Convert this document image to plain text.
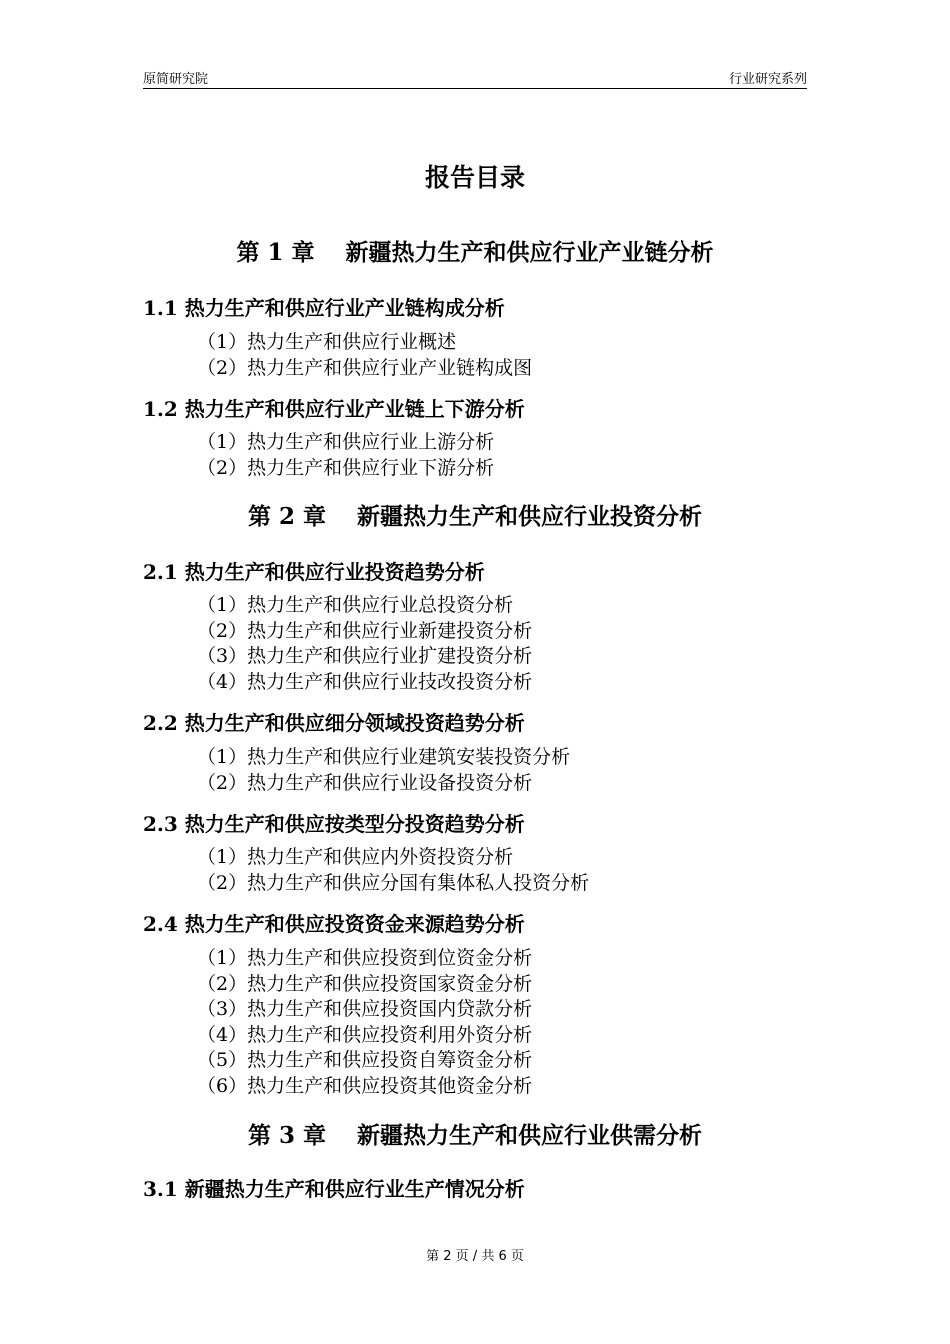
原简研究院	行业研究系列
报告目录
第 1 章　 新疆热力生产和供应行业产业链分析
1.1 热力生产和供应行业产业链构成分析
（1）热力生产和供应行业概述
（2）热力生产和供应行业产业链构成图
1.2 热力生产和供应行业产业链上下游分析
（1）热力生产和供应行业上游分析
（2）热力生产和供应行业下游分析
第 2 章　 新疆热力生产和供应行业投资分析
2.1 热力生产和供应行业投资趋势分析
（1）热力生产和供应行业总投资分析
（2）热力生产和供应行业新建投资分析
（3）热力生产和供应行业扩建投资分析
（4）热力生产和供应行业技改投资分析
2.2 热力生产和供应细分领域投资趋势分析
（1）热力生产和供应行业建筑安装投资分析
（2）热力生产和供应行业设备投资分析
2.3 热力生产和供应按类型分投资趋势分析
（1）热力生产和供应内外资投资分析
（2）热力生产和供应分国有集体私人投资分析
2.4 热力生产和供应投资资金来源趋势分析
（1）热力生产和供应投资到位资金分析
（2）热力生产和供应投资国家资金分析
（3）热力生产和供应投资国内贷款分析
（4）热力生产和供应投资利用外资分析
（5）热力生产和供应投资自筹资金分析
（6）热力生产和供应投资其他资金分析
第 3 章　 新疆热力生产和供应行业供需分析
3.1 新疆热力生产和供应行业生产情况分析
第 2 页 / 共 6 页
